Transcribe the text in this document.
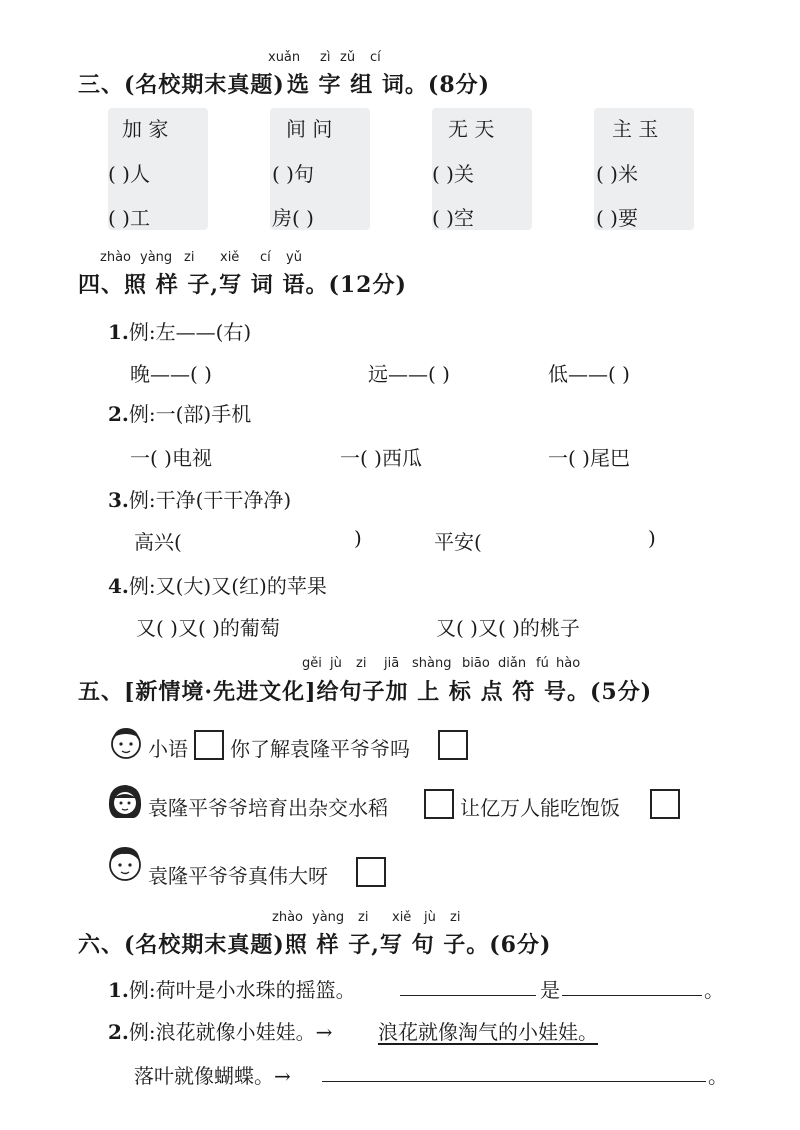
xuǎn zì zǔ cí
三、(名校期末真题)选 字 组 词。(8分)
加 家
( )人
( )工
间 问
( )句
房( )
无 天
( )关
( )空
主 玉
( )米
( )要
zhào yàng zi xiě cí yǔ
四、照 样 子,写 词 语。(12分)
1.例:左——(右)
晚——( )	远——( )	低——( )
2.例:一(部)手机
一( )电视	一( )西瓜	一( )尾巴
3.例:干净(干干净净)
高兴(	)	平安(	)
4.例:又(大)又(红)的苹果
又( )又( )的葡萄	又( )又( )的桃子
gěi jù zi jiā shàng biāo diǎn fú hào
五、[新情境·先进文化]给句子加 上 标 点 符 号。(5分)
小语 你了解袁隆平爷爷吗
袁隆平爷爷培育出杂交水稻	让亿万人能吃饱饭
袁隆平爷爷真伟大呀
zhào yàng zi xiě jù zi
六、(名校期末真题)照 样 子,写 句 子。(6分)
1.例:荷叶是小水珠的摇篮。	是	。
2.例:浪花就像小娃娃。→ 浪花就像淘气的小娃娃。
落叶就像蝴蝶。→	。
